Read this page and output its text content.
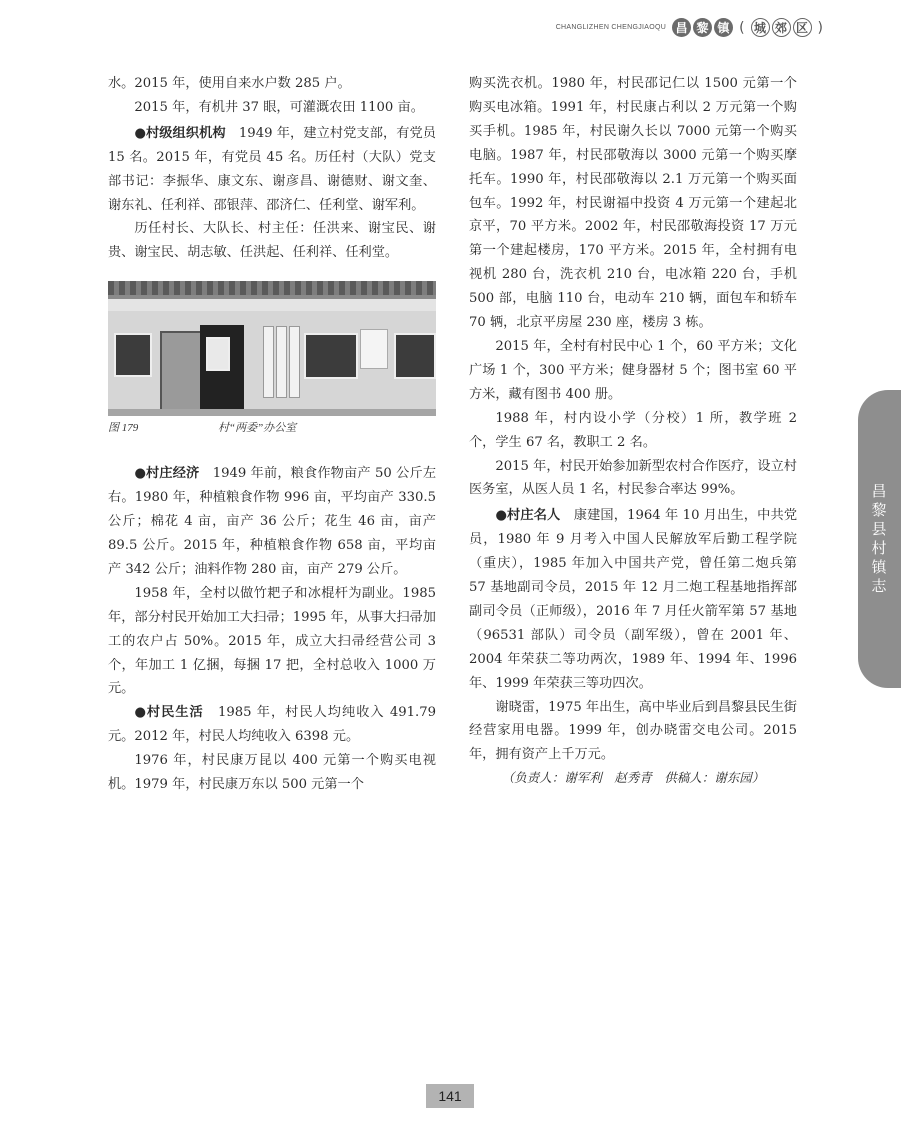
CHANGLIZHEN CHENGJIAOQU 昌 黎 镇 ( 城 郊 区 )

水。2015 年，使用自来水户数 285 户。

2015 年，有机井 37 眼，可灌溉农田 1100 亩。

●村级组织机构　 1949 年，建立村党支部，有党员 15 名。2015 年，有党员 45 名。历任村（大队）党支部书记：李振华、康文东、谢彦昌、谢德财、谢文奎、谢东礼、任利祥、邵银萍、邵济仁、任利堂、谢军利。

历任村长、大队长、村主任：任洪来、谢宝民、谢贵、谢宝民、胡志敏、任洪起、任利祥、任利堂。

图 179	村“两委”办公室

●村庄经济　 1949 年前，粮食作物亩产 50 公斤左右。1980 年，种植粮食作物 996 亩，平均亩产 330.5 公斤；棉花 4 亩，亩产 36 公斤；花生 46 亩，亩产 89.5 公斤。2015 年，种植粮食作物 658 亩，平均亩产 342 公斤；油料作物 280 亩，亩产 279 公斤。

1958 年，全村以做竹耙子和冰棍杆为副业。1985 年，部分村民开始加工大扫帚；1995 年，从事大扫帚加工的农户占 50%。2015 年，成立大扫帚经营公司 3 个，年加工 1 亿捆，每捆 17 把，全村总收入 1000 万元。

●村民生活　 1985 年，村民人均纯收入 491.79 元。2012 年，村民人均纯收入 6398 元。

1976 年，村民康万昆以 400 元第一个购买电视机。1979 年，村民康万东以 500 元第一个

购买洗衣机。1980 年，村民邵记仁以 1500 元第一个购买电冰箱。1991 年，村民康占利以 2 万元第一个购买手机。1985 年，村民谢久长以 7000 元第一个购买电脑。1987 年，村民邵敬海以 3000 元第一个购买摩托车。1990 年，村民邵敬海以 2.1 万元第一个购买面包车。1992 年，村民谢福中投资 4 万元第一个建起北京平，70 平方米。2002 年，村民邵敬海投资 17 万元第一个建起楼房，170 平方米。2015 年，全村拥有电视机 280 台，洗衣机 210 台，电冰箱 220 台，手机 500 部，电脑 110 台，电动车 210 辆，面包车和轿车 70 辆，北京平房屋 230 座，楼房 3 栋。

2015 年，全村有村民中心 1 个，60 平方米；文化广场 1 个，300 平方米；健身器材 5 个；图书室 60 平方米，藏有图书 400 册。

1988 年，村内设小学（分校）1 所，教学班 2 个，学生 67 名，教职工 2 名。

2015 年，村民开始参加新型农村合作医疗，设立村医务室，从医人员 1 名，村民参合率达 99%。

●村庄名人　 康建国，1964 年 10 月出生，中共党员，1980 年 9 月考入中国人民解放军后勤工程学院（重庆），1985 年加入中国共产党，曾任第二炮兵第 57 基地副司令员，2015 年 12 月二炮工程基地指挥部副司令员（正师级），2016 年 7 月任火箭军第 57 基地（96531 部队）司令员（副军级），曾在 2001 年、2004 年荣获二等功两次，1989 年、1994 年、1996 年、1999 年荣获三等功四次。

谢晓雷，1975 年出生，高中毕业后到昌黎县民生街经营家用电器。1999 年，创办晓雷交电公司。2015 年，拥有资产上千万元。

（负责人：谢军利　赵秀青　供稿人：谢东园）

昌黎县村镇志
141
